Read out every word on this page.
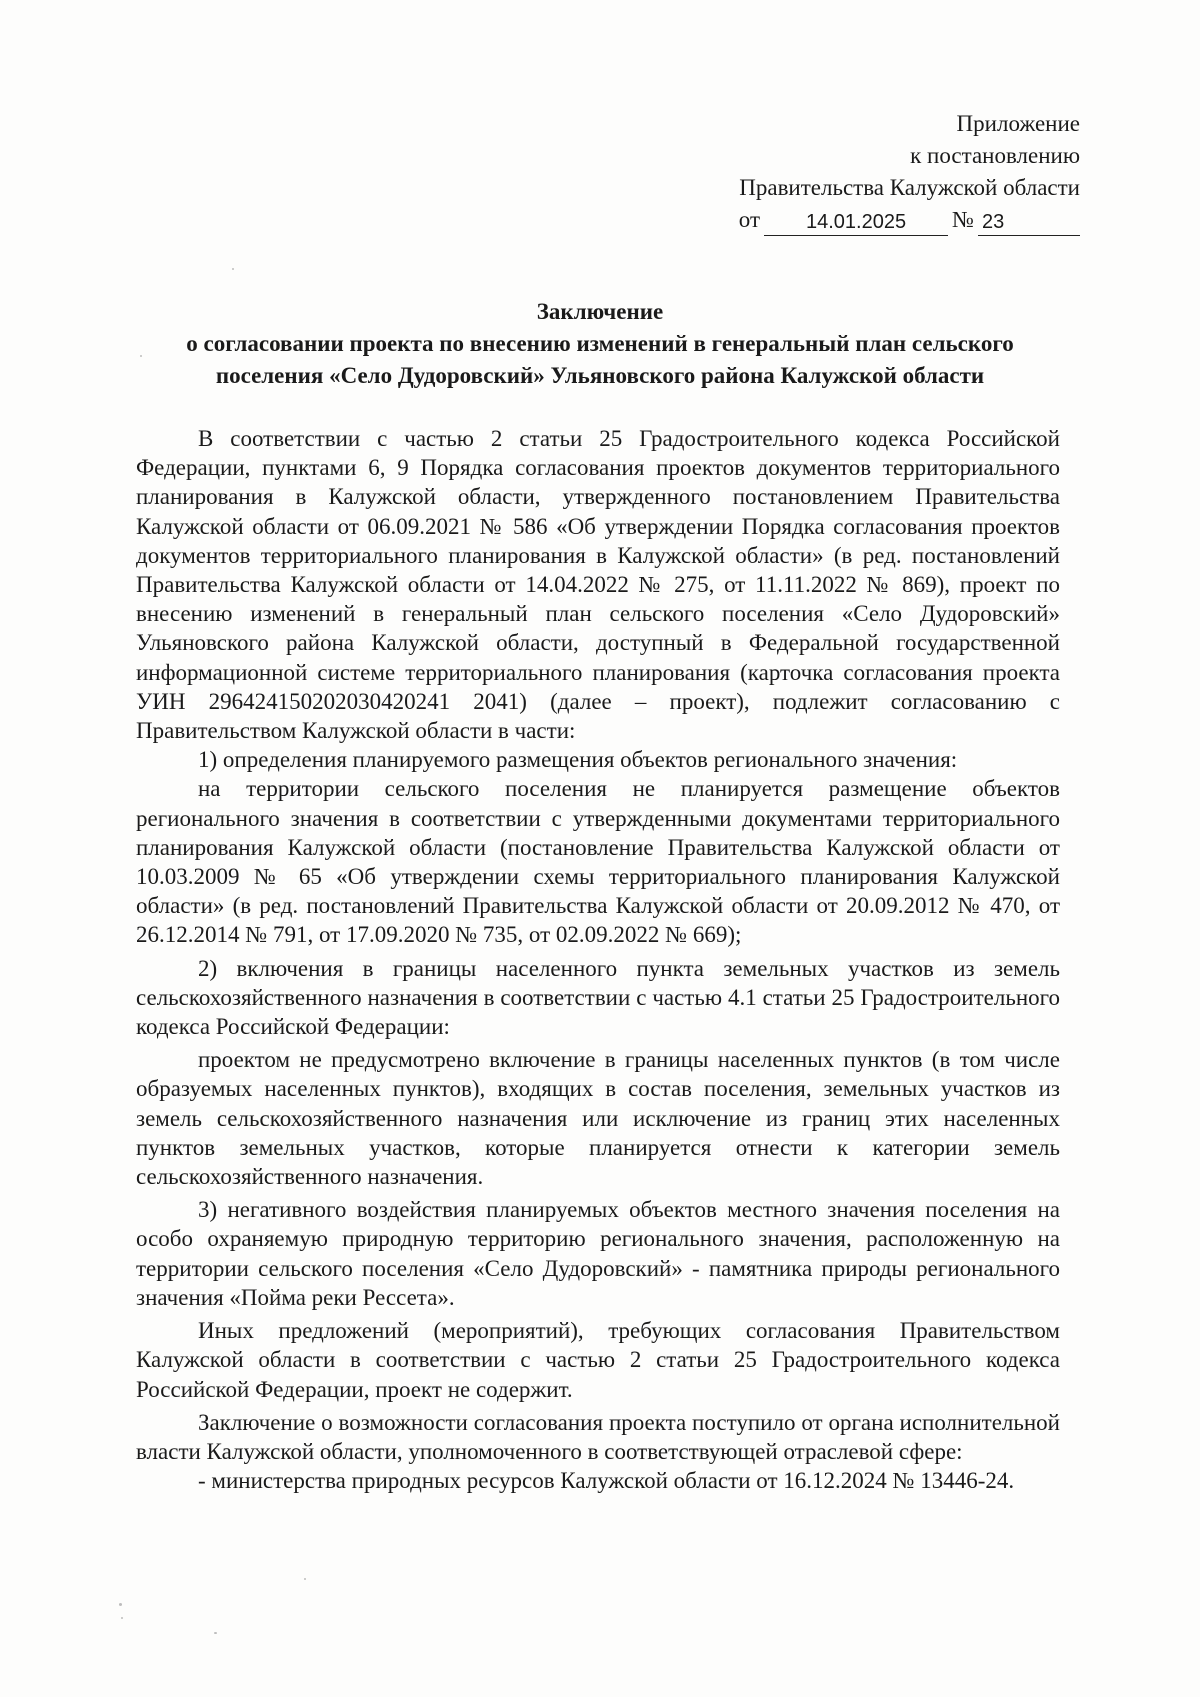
Приложение
к постановлению
Правительства Калужской области
от	14.01.2025	№ 23
Заключение
о согласовании проекта по внесению изменений в генеральный план сельского
поселения «Село Дудоровский» Ульяновского района Калужской области

В соответствии с частью 2 статьи 25 Градостроительного кодекса Российской Федерации, пунктами 6, 9 Порядка согласования проектов документов территориального планирования в Калужской области, утвержденного постановлением Правительства Калужской области от 06.09.2021 № 586 «Об утверждении Порядка согласования проектов документов территориального планирования в Калужской области» (в ред. постановлений Правительства Калужской области от 14.04.2022 № 275, от 11.11.2022 № 869), проект по внесению изменений в генеральный план сельского поселения «Село Дудоровский» Ульяновского района Калужской области, доступный в Федеральной государственной информационной системе территориального планирования (карточка согласования проекта УИН 296424150202030420241 2041) (далее – проект), подлежит согласованию с Правительством Калужской области в части:

1) определения планируемого размещения объектов регионального значения:

на территории сельского поселения не планируется размещение объектов регионального значения в соответствии с утвержденными документами территориального планирования Калужской области (постановление Правительства Калужской области от 10.03.2009 № 65 «Об утверждении схемы территориального планирования Калужской области» (в ред. постановлений Правительства Калужской области от 20.09.2012 № 470, от 26.12.2014 № 791, от 17.09.2020 № 735, от 02.09.2022 № 669);

2) включения в границы населенного пункта земельных участков из земель сельскохозяйственного назначения в соответствии с частью 4.1 статьи 25 Градостроительного кодекса Российской Федерации:

проектом не предусмотрено включение в границы населенных пунктов (в том числе образуемых населенных пунктов), входящих в состав поселения, земельных участков из земель сельскохозяйственного назначения или исключение из границ этих населенных пунктов земельных участков, которые планируется отнести к категории земель сельскохозяйственного назначения.

3) негативного воздействия планируемых объектов местного значения поселения на особо охраняемую природную территорию регионального значения, расположенную на территории сельского поселения «Село Дудоровский» - памятника природы регионального значения «Пойма реки Рессета».

Иных предложений (мероприятий), требующих согласования Правительством Калужской области в соответствии с частью 2 статьи 25 Градостроительного кодекса Российской Федерации, проект не содержит.

Заключение о возможности согласования проекта поступило от органа исполнительной власти Калужской области, уполномоченного в соответствующей отраслевой сфере:

- министерства природных ресурсов Калужской области от 16.12.2024 № 13446-24.
